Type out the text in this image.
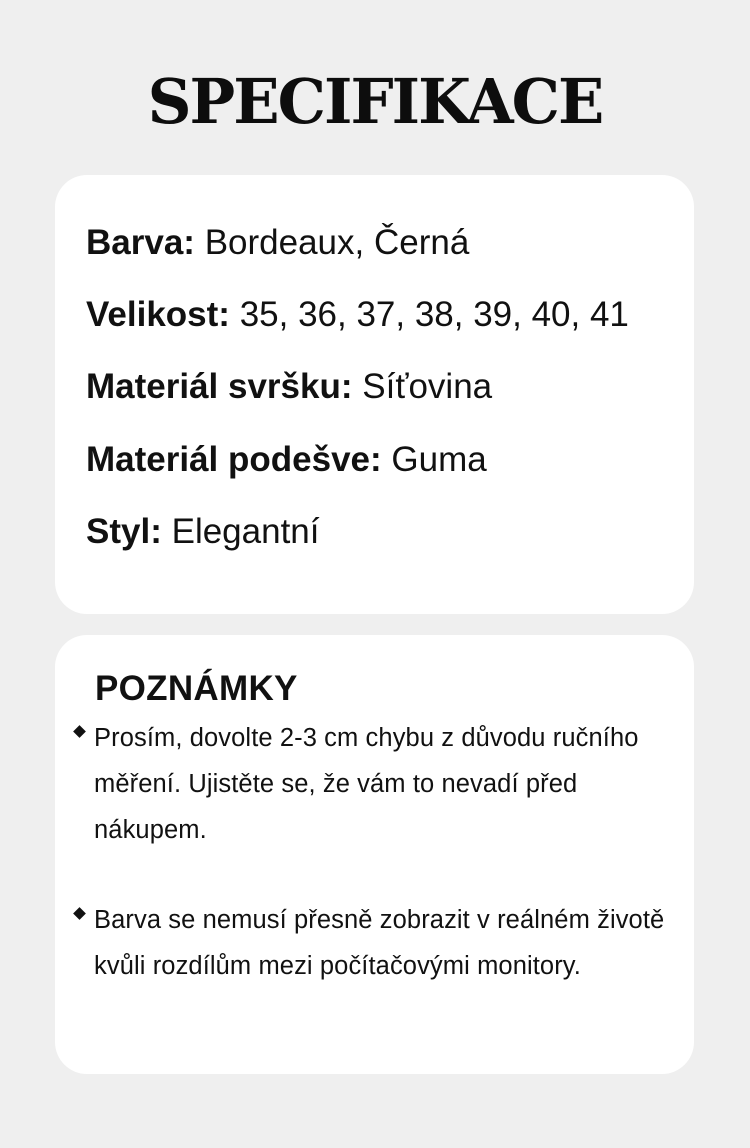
SPECIFIKACE
Barva: Bordeaux, Černá
Velikost: 35, 36, 37, 38, 39, 40, 41
Materiál svršku: Síťovina
Materiál podešve: Guma
Styl: Elegantní
POZNÁMKY
Prosím, dovolte 2-3 cm chybu z důvodu ručního měření. Ujistěte se, že vám to nevadí před nákupem.
Barva se nemusí přesně zobrazit v reálném životě kvůli rozdílům mezi počítačovými monitory.
